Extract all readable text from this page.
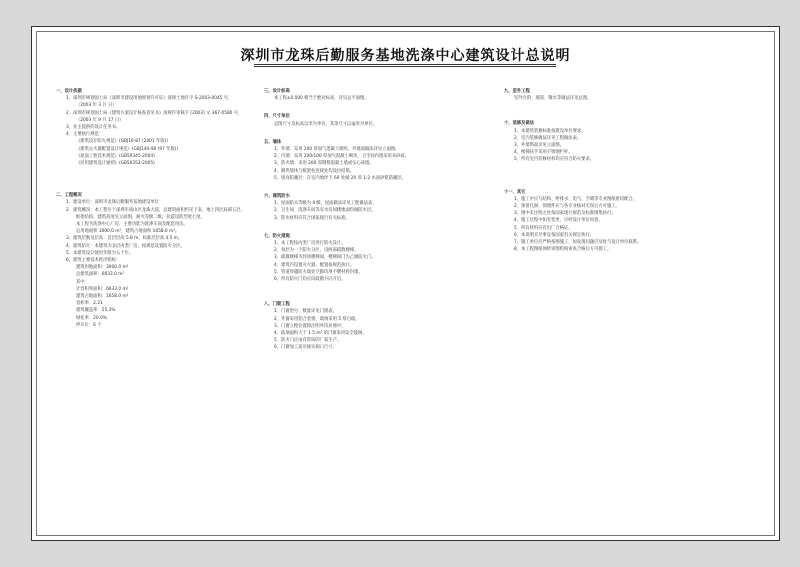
深圳市龙珠后勤服务基地洗涤中心建筑设计总说明
一、设计依据
1、深圳市规划国土局《深圳市建设用地规划许可证》深规土地许字 S-2003-0045 号，
（2003 年 3 月 日）
2、深圳市规划国土局《建筑方案设计核查意见书》深规许审核字 [2003] 文 367-0580 号，
（2003 年 9 月 17 日）
3、业主提供的设计任务书。
4、主要执行规范：
《建筑设计防火规范》(GBJ16-87 (2001 年版))
《建筑灭火器配置设计规范》(GBJ140-90 (97 年版))
《屋面工程技术规范》(GB50345-2004)
《民用建筑设计通则》(GB50352-2005)
二、工程概况
1、建设单位：深圳市龙珠后勤服务基地建设单位
2、建筑概况：本工程位于深圳市南山区龙珠大道，总建筑面积约见下表，地上四层局部五层，
框架结构，建筑高度见立面图，耐火等级二级，抗震设防烈度七度。
本工程为洗涤中心厂房，主要功能为洗涤车间及配套用房。
总用地面积 3000.0 m²，建筑占地面积 1658.0 m²。
3、建筑层数及层高：首层层高 5.8 m，标准层层高 4.5 m。
4、建筑防火：本建筑为多层丙类厂房，按规范设置防火分区。
5、本建筑设计使用年限为五十年。
6、建筑主要技术经济指标：
建筑用地面积：3000.0 m²
总建筑面积：6633.0 m²
其中：
计容积率面积：6633.0 m²
建筑占地面积：1658.0 m²
容积率：2.21
建筑覆盖率：55.3%
绿化率：20.0%
停车位：6 个
三、设计标高
本工程±0.000 相当于绝对标高，详见总平面图。
四、尺寸单位
总图尺寸及标高以米为单位，其余尺寸以毫米为单位。
五、墙体
1、外墙：采用 200 厚加气混凝土砌块，外墙面做法详见立面图。
2、内墙：采用 200/100 厚加气混凝土砌块，卫生间内墙采用灰砂砖。
3、防火墙：采用 200 厚钢筋混凝土墙或实心砖墙。
4、砌块墙体与框架柱连接处均设拉结筋。
5、墙身防潮层：在室内地坪下 60 处做 20 厚 1:2 水泥砂浆防潮层。
六、建筑防水
1、屋面防水等级为 II 级，屋面做法详见工程做法表。
2、卫生间、洗涤车间等有水房间楼地面均做防水层。
3、防水材料应符合国家现行有关标准。
七、防火措施
1、本工程按丙类厂房进行防火设计。
2、每层为一个防火分区，设两部疏散楼梯。
3、疏散楼梯为封闭楼梯间，楼梯间门为乙级防火门。
4、建筑内设置灭火器，配置按规范执行。
5、管道穿越防火墙处空隙均用不燃材料封堵。
6、所有防火门均应向疏散方向开启。
八、门窗工程
1、门窗型号、数量详见门窗表。
2、外窗采用铝合金窗，玻璃采用 5 厚白玻。
3、门窗立樘位置除注明外均居墙中。
4、玻璃面积大于 1.5 m² 的门窗采用安全玻璃。
5、防火门应由有资质的厂家生产。
6、门窗加工前应核实洞口尺寸。
九、室外工程
室外台阶、坡道、散水等做法详见总图。
十、装修及做法
1、本建筑装修标准按建设单位要求。
2、室内装修做法详见工程做法表。
3、外墙饰面详见立面图。
4、楼梯扶手采用不锈钢栏杆。
5、所有室内装修材料均应符合防火要求。
十一、其它
1、施工中应与结构、给排水、电气、空调等专业图纸密切配合。
2、预留孔洞、预埋件应与各专业核对无误后方可施工。
3、图中未注明之处按国家现行规范及标准图集执行。
4、施工过程中如有变更，应经设计单位同意。
5、所有材料应有出厂合格证。
6、本说明未尽事宜按国家有关规定执行。
7、施工单位应严格按图施工，如发现问题应及时与设计单位联系。
8、本工程图纸须经审图机构审查合格后方可施工。
